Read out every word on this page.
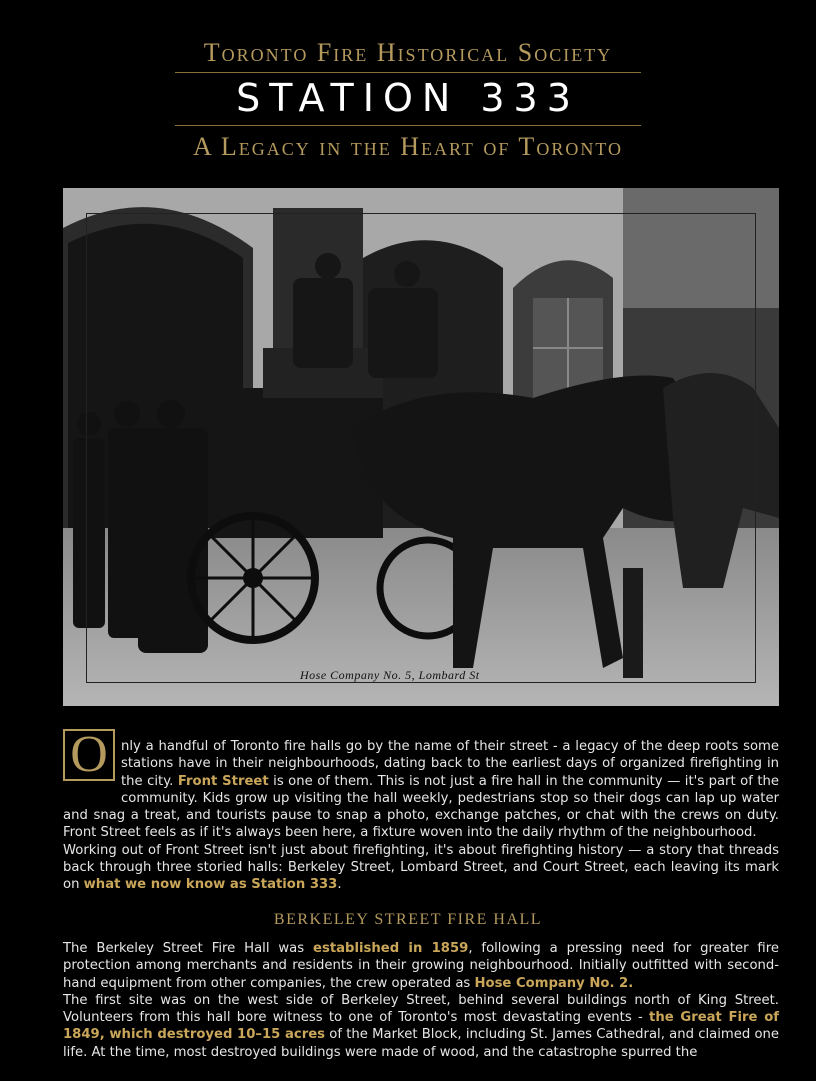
Toronto Fire Historical Society
STATION 333
A Legacy in the Heart of Toronto
Hose Company No. 5, Lombard St

nly a handful of Toronto fire halls go by the name of their street - a legacy of the deep roots some stations have in their neighbourhoods, dating back to the earliest days of organized firefighting in the city. Front Street is one of them. This is not just a fire hall in the community — it's part of the community. Kids grow up visiting the hall weekly, pedestrians stop so their dogs can lap up water and snag a treat, and tourists pause to snap a photo, exchange patches, or chat with the crews on duty. Front Street feels as if it's always been here, a fixture woven into the daily rhythm of the neighbourhood.

Working out of Front Street isn't just about firefighting, it's about firefighting history — a story that threads back through three storied halls: Berkeley Street, Lombard Street, and Court Street, each leaving its mark on what we now know as Station 333.

O
BERKELEY STREET FIRE HALL

The Berkeley Street Fire Hall was established in 1859, following a pressing need for greater fire protection among merchants and residents in their growing neighbourhood. Initially outfitted with second-hand equipment from other companies, the crew operated as Hose Company No. 2.

The first site was on the west side of Berkeley Street, behind several buildings north of King Street. Volunteers from this hall bore witness to one of Toronto's most devastating events - the Great Fire of 1849, which destroyed 10–15 acres of the Market Block, including St. James Cathedral, and claimed one life. At the time, most destroyed buildings were made of wood, and the catastrophe spurred the
